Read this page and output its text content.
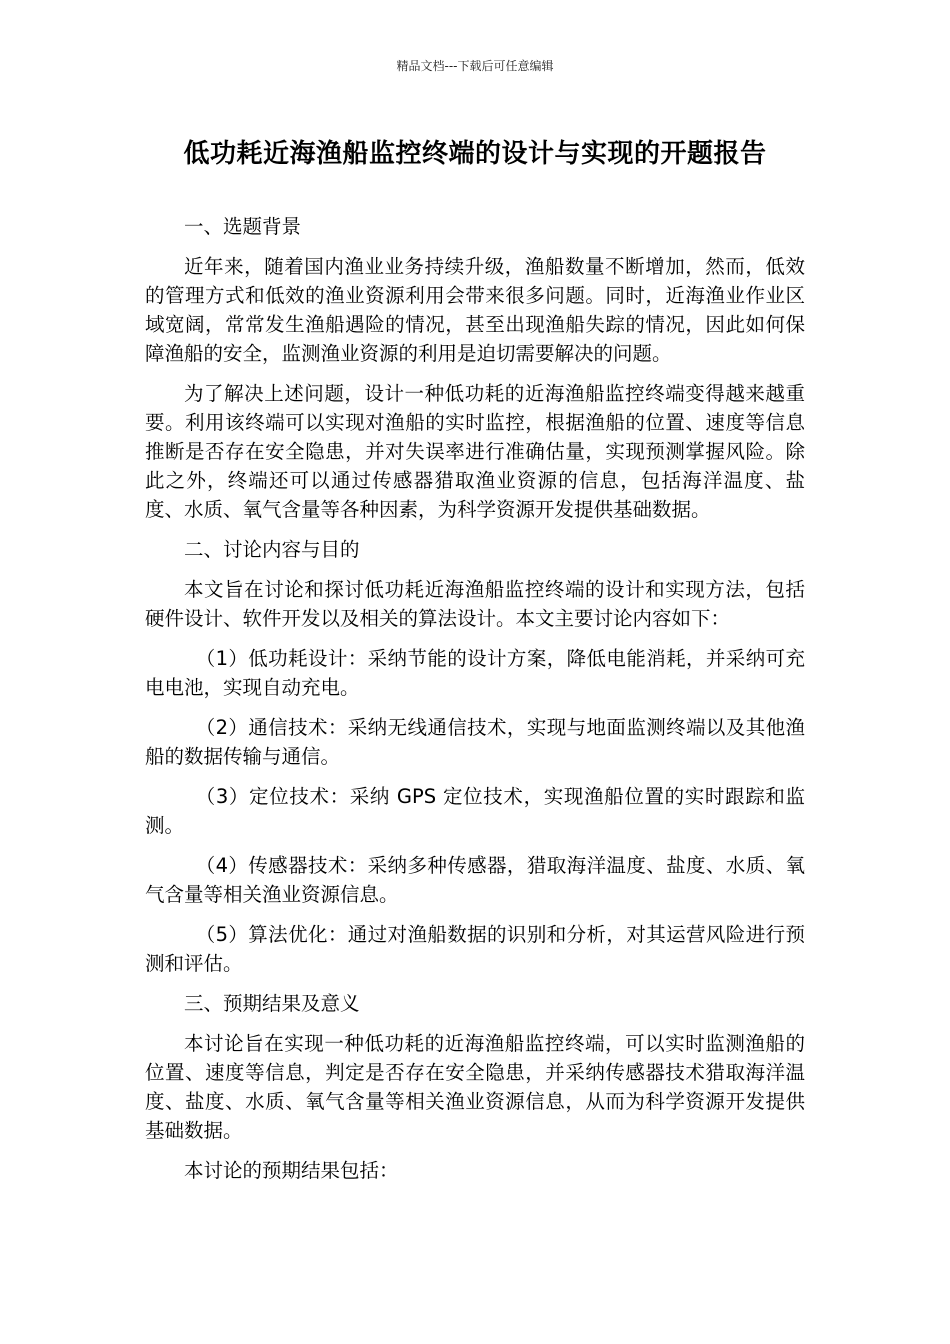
精品文档---下载后可任意编辑
低功耗近海渔船监控终端的设计与实现的开题报告

一、选题背景

近年来，随着国内渔业业务持续升级，渔船数量不断增加，然而，低效的管理方式和低效的渔业资源利用会带来很多问题。同时，近海渔业作业区域宽阔，常常发生渔船遇险的情况，甚至出现渔船失踪的情况，因此如何保障渔船的安全，监测渔业资源的利用是迫切需要解决的问题。

为了解决上述问题，设计一种低功耗的近海渔船监控终端变得越来越重要。利用该终端可以实现对渔船的实时监控，根据渔船的位置、速度等信息推断是否存在安全隐患，并对失误率进行准确估量，实现预测掌握风险。除此之外，终端还可以通过传感器猎取渔业资源的信息，包括海洋温度、盐度、水质、氧气含量等各种因素，为科学资源开发提供基础数据。

二、讨论内容与目的

本文旨在讨论和探讨低功耗近海渔船监控终端的设计和实现方法，包括硬件设计、软件开发以及相关的算法设计。本文主要讨论内容如下：

（1）低功耗设计：采纳节能的设计方案，降低电能消耗，并采纳可充电电池，实现自动充电。

（2）通信技术：采纳无线通信技术，实现与地面监测终端以及其他渔船的数据传输与通信。

（3）定位技术：采纳 GPS 定位技术，实现渔船位置的实时跟踪和监测。

（4）传感器技术：采纳多种传感器，猎取海洋温度、盐度、水质、氧气含量等相关渔业资源信息。

（5）算法优化：通过对渔船数据的识别和分析，对其运营风险进行预测和评估。

三、预期结果及意义

本讨论旨在实现一种低功耗的近海渔船监控终端，可以实时监测渔船的位置、速度等信息，判定是否存在安全隐患，并采纳传感器技术猎取海洋温度、盐度、水质、氧气含量等相关渔业资源信息，从而为科学资源开发提供基础数据。

本讨论的预期结果包括：
